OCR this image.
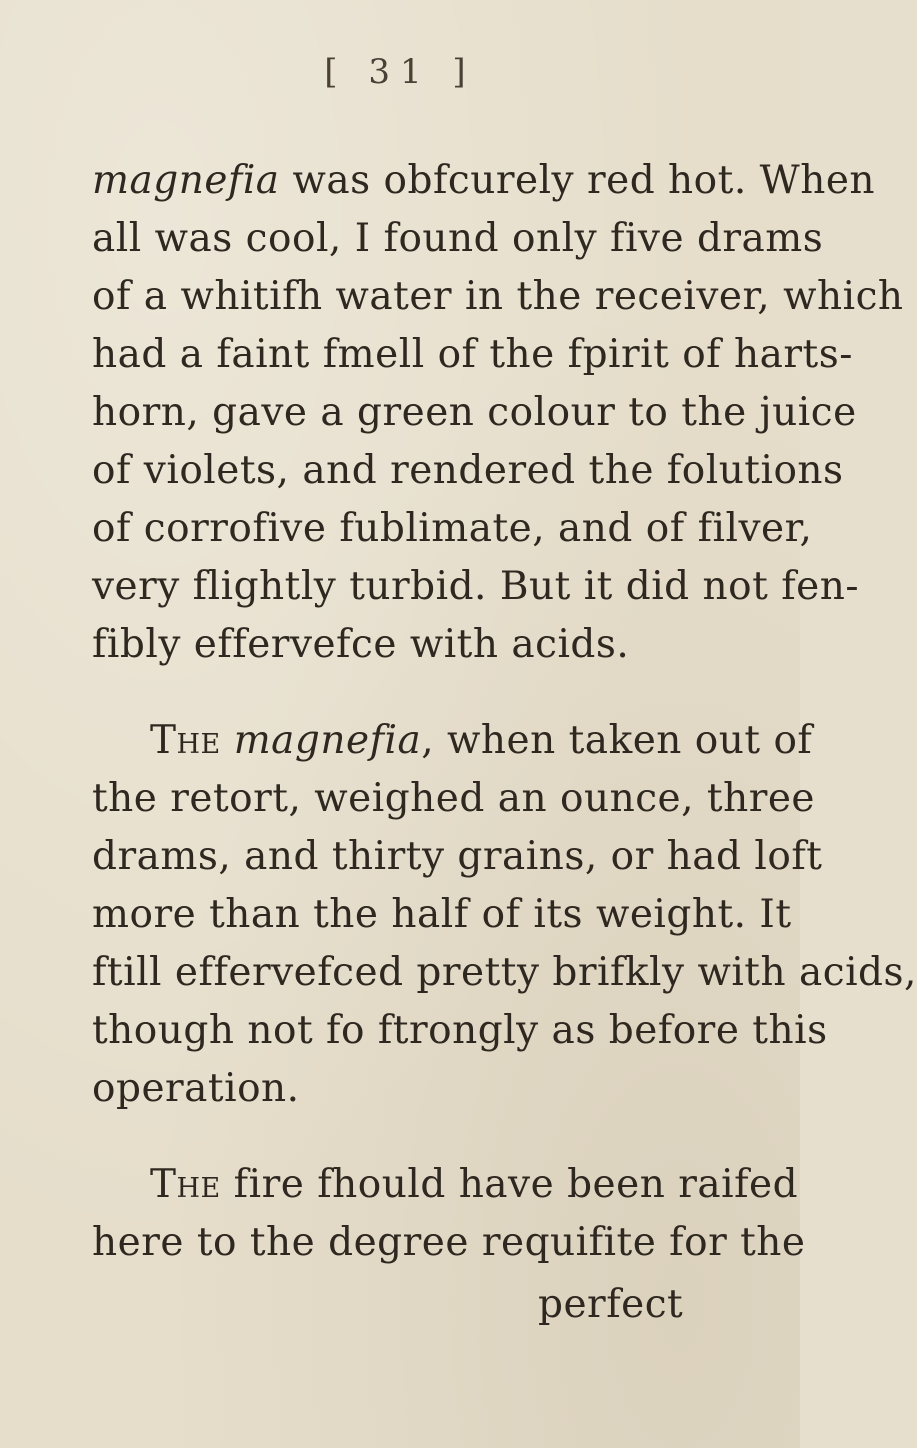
[ 31 ]
magnefia was obfcurely red hot. When
all was cool, I found only five drams
of a whitifh water in the receiver, which
had a faint fmell of the fpirit of harts-
horn, gave a green colour to the juice
of violets, and rendered the folutions
of corrofive fublimate, and of filver,
very flightly turbid. But it did not fen-
fibly effervefce with acids.
The magnefia, when taken out of
the retort, weighed an ounce, three
drams, and thirty grains, or had loft
more than the half of its weight. It
ftill effervefced pretty brifkly with acids,
though not fo ftrongly as before this
operation.
The fire fhould have been raifed
here to the degree requifite for the
perfect
